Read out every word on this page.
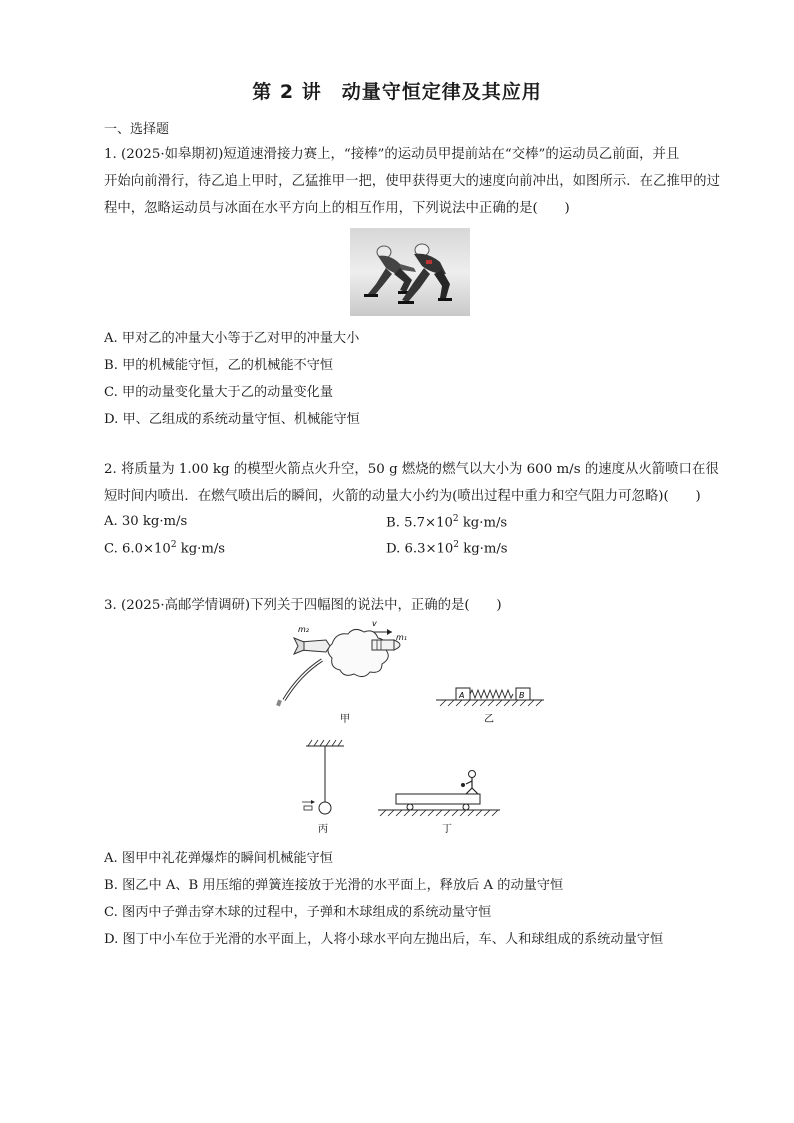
第 2 讲　动量守恒定律及其应用
一、选择题
1. (2025·如皋期初)短道速滑接力赛上，“接棒”的运动员甲提前站在“交棒”的运动员乙前面，并且
开始向前滑行，待乙追上甲时，乙猛推甲一把，使甲获得更大的速度向前冲出，如图所示．在乙推甲的过
程中，忽略运动员与冰面在水平方向上的相互作用，下列说法中正确的是(　　)
A. 甲对乙的冲量大小等于乙对甲的冲量大小
B. 甲的机械能守恒，乙的机械能不守恒
C. 甲的动量变化量大于乙的动量变化量
D. 甲、乙组成的系统动量守恒、机械能守恒
2. 将质量为 1.00 kg 的模型火箭点火升空，50 g 燃烧的燃气以大小为 600 m/s 的速度从火箭喷口在很
短时间内喷出．在燃气喷出后的瞬间，火箭的动量大小约为(喷出过程中重力和空气阻力可忽略)(　　)
A. 30 kg·m/s	B. $5.7\times 10^2$ kg·m/s
C. $6.0\times 10^2$ kg·m/s	D. $6.3\times 10^2$ kg·m/s
3. (2025·高邮学情调研)下列关于四幅图的说法中，正确的是(　　)
m₂
v
m₁
甲
A	B
乙
丙	丁
A. 图甲中礼花弹爆炸的瞬间机械能守恒
B. 图乙中 A、B 用压缩的弹簧连接放于光滑的水平面上，释放后 A 的动量守恒
C. 图丙中子弹击穿木球的过程中，子弹和木球组成的系统动量守恒
D. 图丁中小车位于光滑的水平面上，人将小球水平向左抛出后，车、人和球组成的系统动量守恒
